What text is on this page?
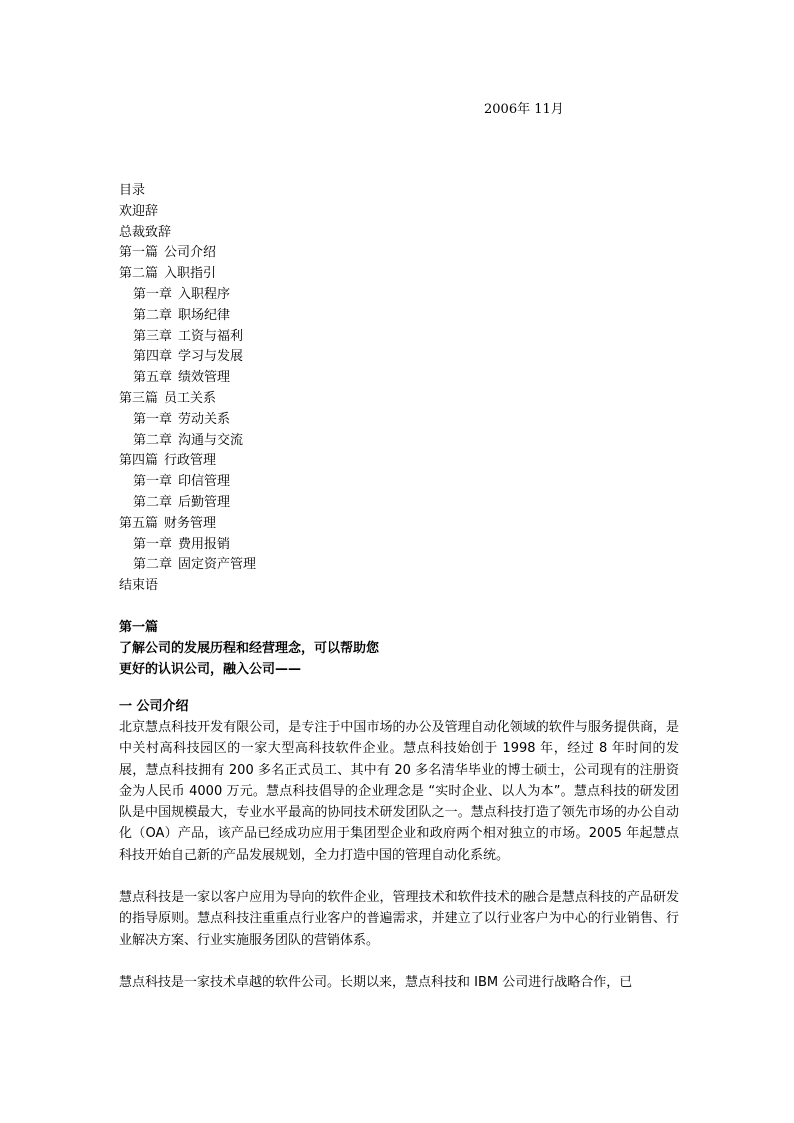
2006年 11月
目录
欢迎辞
总裁致辞
第一篇 公司介绍
第二篇 入职指引
第一章 入职程序
第二章 职场纪律
第三章 工资与福利
第四章 学习与发展
第五章 绩效管理
第三篇 员工关系
第一章 劳动关系
第二章 沟通与交流
第四篇 行政管理
第一章 印信管理
第二章 后勤管理
第五篇 财务管理
第一章 费用报销
第二章 固定资产管理
结束语

第一篇

了解公司的发展历程和经营理念，可以帮助您

更好的认识公司，融入公司——

一 公司介绍

北京慧点科技开发有限公司，是专注于中国市场的办公及管理自动化领域的软件与服务提供商，是中关村高科技园区的一家大型高科技软件企业。慧点科技始创于 1998 年，经过 8 年时间的发展，慧点科技拥有 200 多名正式员工、其中有 20 多名清华毕业的博士硕士，公司现有的注册资金为人民币 4000 万元。慧点科技倡导的企业理念是 “实时企业、以人为本”。慧点科技的研发团队是中国规模最大，专业水平最高的协同技术研发团队之一。慧点科技打造了领先市场的办公自动化（OA）产品，该产品已经成功应用于集团型企业和政府两个相对独立的市场。2005 年起慧点科技开始自己新的产品发展规划，全力打造中国的管理自动化系统。

慧点科技是一家以客户应用为导向的软件企业，管理技术和软件技术的融合是慧点科技的产品研发的指导原则。慧点科技注重重点行业客户的普遍需求，并建立了以行业客户为中心的行业销售、行业解决方案、行业实施服务团队的营销体系。

慧点科技是一家技术卓越的软件公司。长期以来，慧点科技和 IBM 公司进行战略合作，已
